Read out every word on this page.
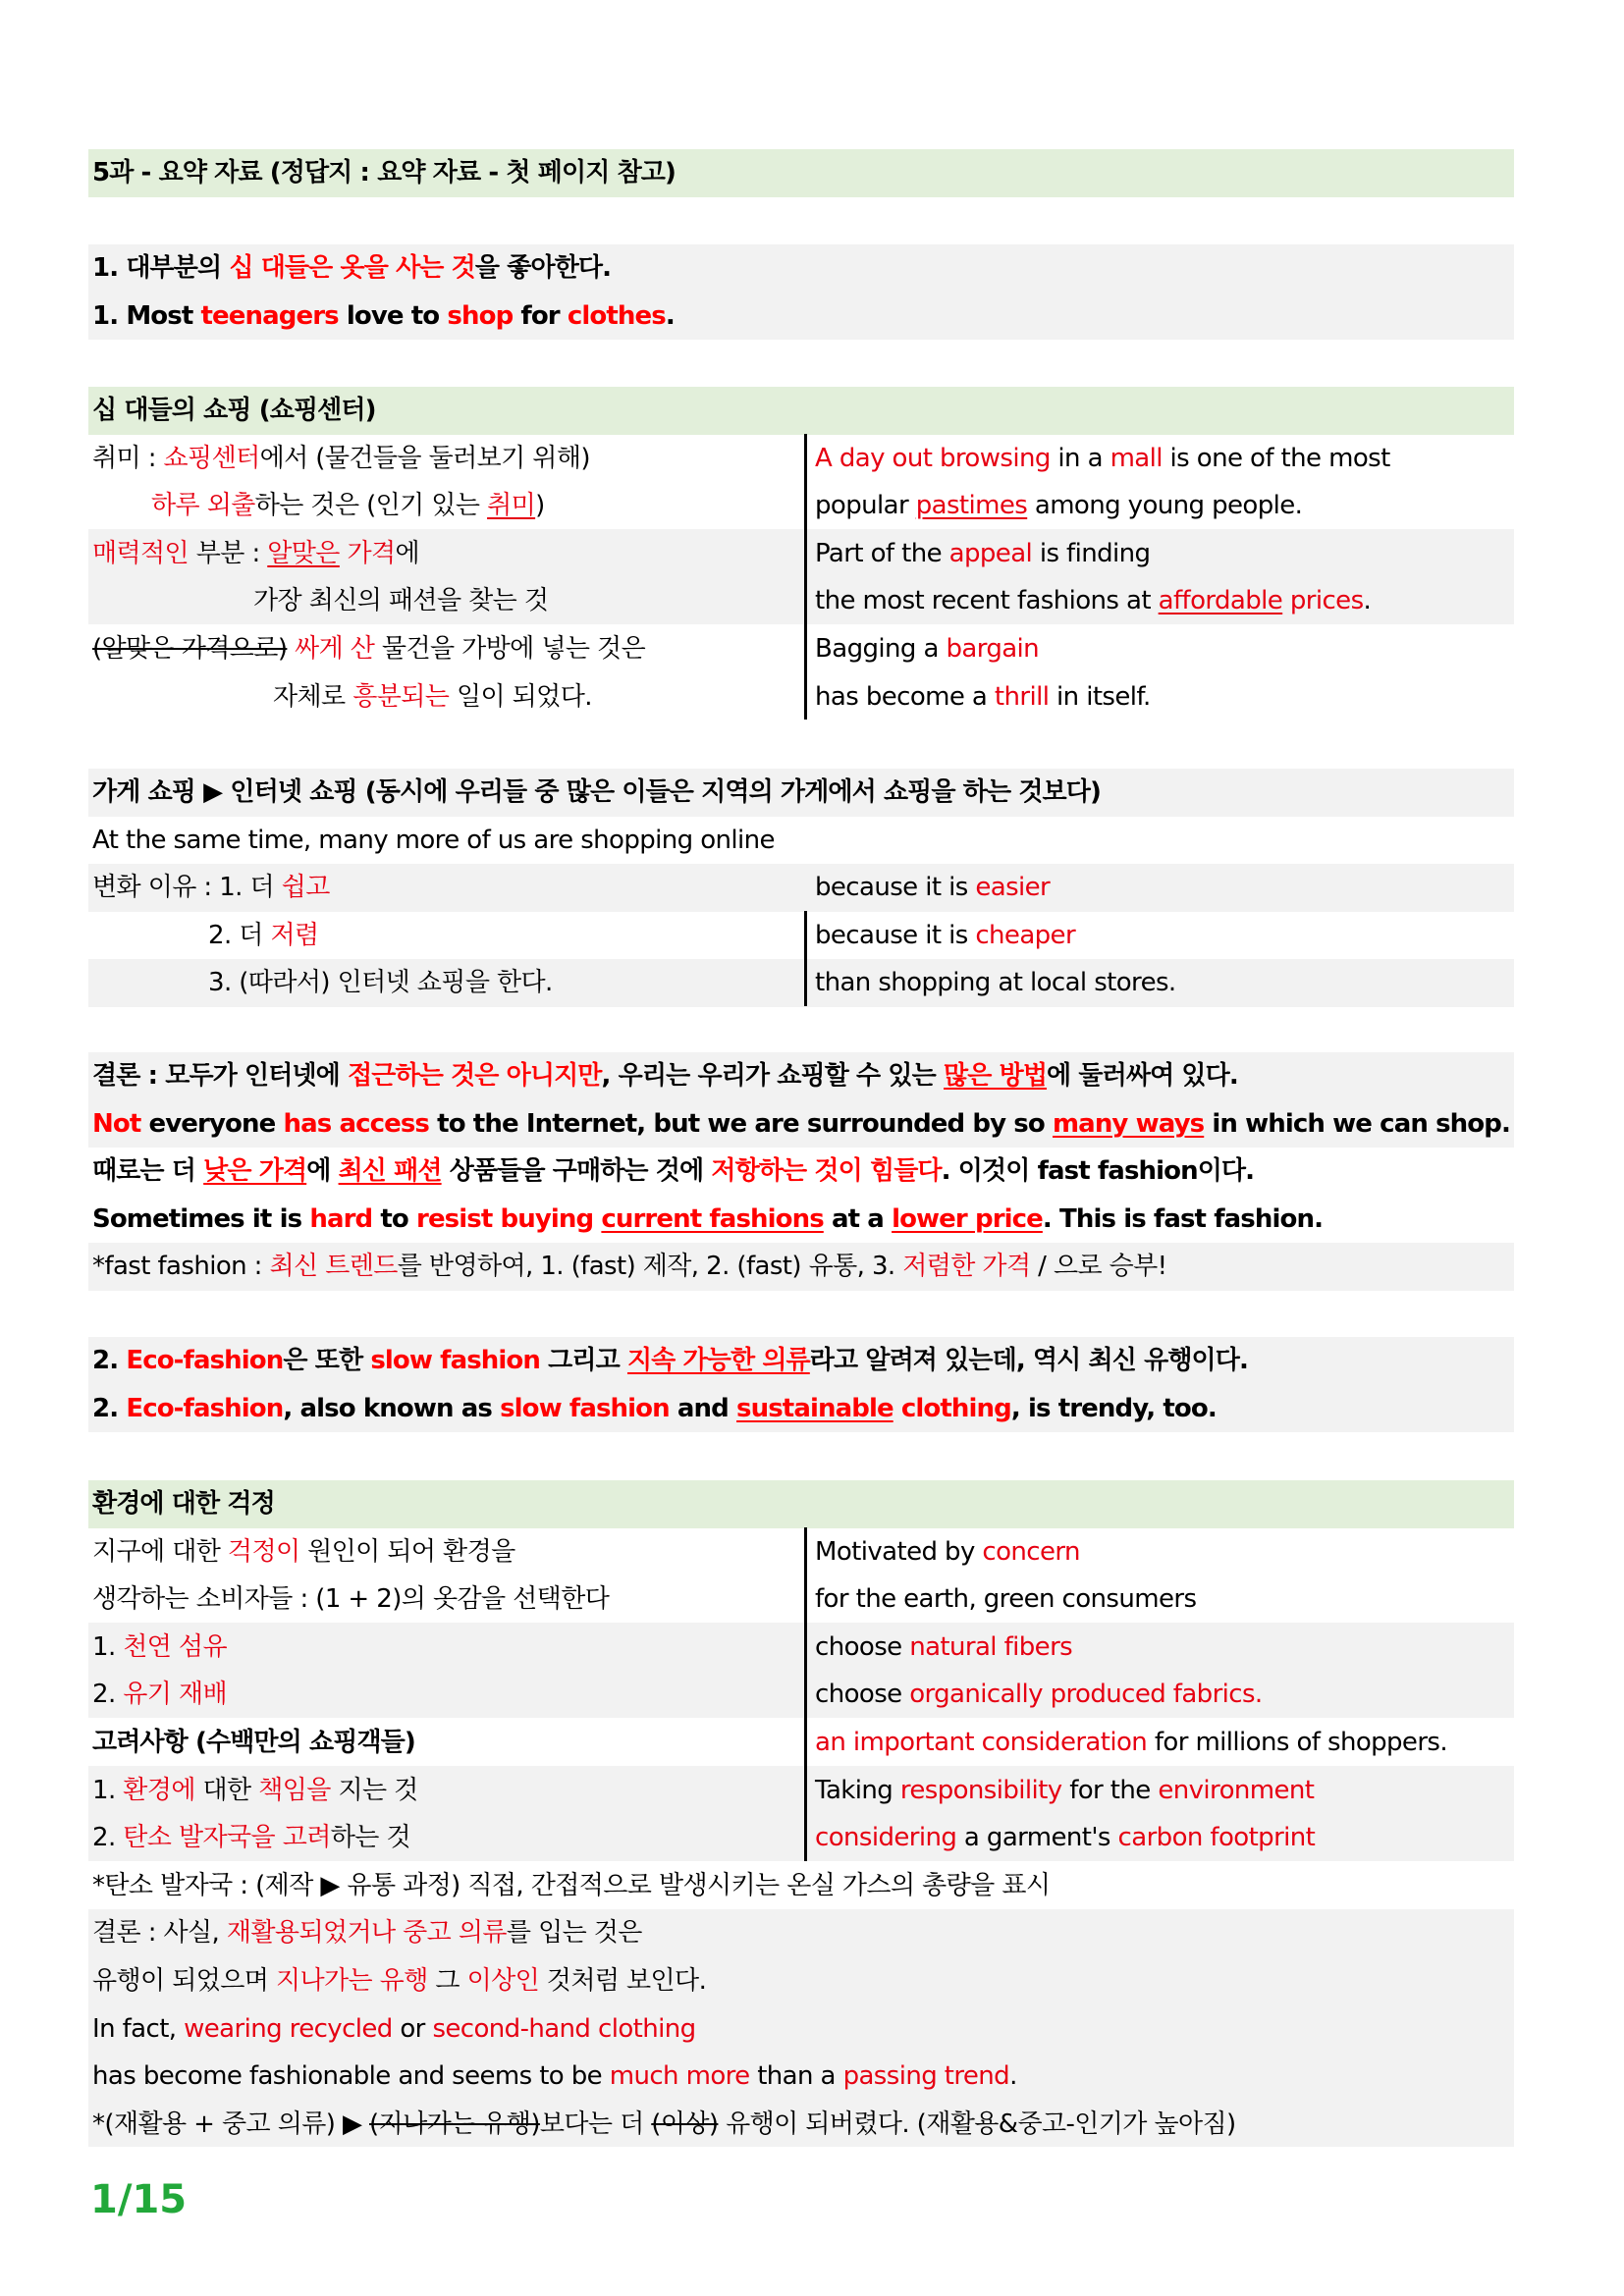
5과 - 요약 자료 (정답지 : 요약 자료 - 첫 페이지 참고)
1. 대부분의 십 대들은 옷을 사는 것을 좋아한다.
1. Most teenagers love to shop for clothes.
십 대들의 쇼핑 (쇼핑센터)
취미 : 쇼핑센터에서 (물건들을 둘러보기 위해)	A day out browsing in a mall is one of the most
하루 외출하는 것은 (인기 있는 취미)	popular pastimes among young people.
매력적인 부분 : 알맞은 가격에	Part of the appeal is finding
가장 최신의 패션을 찾는 것	the most recent fashions at affordable prices.
(알맞은 가격으로) 싸게 산 물건을 가방에 넣는 것은	Bagging a bargain
자체로 흥분되는 일이 되었다.	has become a thrill in itself.
가게 쇼핑 ▶ 인터넷 쇼핑 (동시에 우리들 중 많은 이들은 지역의 가게에서 쇼핑을 하는 것보다)
At the same time, many more of us are shopping online
변화 이유 : 1. 더 쉽고	because it is easier
2. 더 저렴	because it is cheaper
3. (따라서) 인터넷 쇼핑을 한다.	than shopping at local stores.
결론 : 모두가 인터넷에 접근하는 것은 아니지만, 우리는 우리가 쇼핑할 수 있는 많은 방법에 둘러싸여 있다.
Not everyone has access to the Internet, but we are surrounded by so many ways in which we can shop.
때로는 더 낮은 가격에 최신 패션 상품들을 구매하는 것에 저항하는 것이 힘들다. 이것이 fast fashion이다.
Sometimes it is hard to resist buying current fashions at a lower price. This is fast fashion.
*fast fashion : 최신 트렌드를 반영하여, 1. (fast) 제작, 2. (fast) 유통, 3. 저렴한 가격 / 으로 승부!
2. Eco-fashion은 또한 slow fashion 그리고 지속 가능한 의류라고 알려져 있는데, 역시 최신 유행이다.
2. Eco-fashion, also known as slow fashion and sustainable clothing, is trendy, too.
환경에 대한 걱정
지구에 대한 걱정이 원인이 되어 환경을	Motivated by concern
생각하는 소비자들 : (1 + 2)의 옷감을 선택한다	for the earth, green consumers
1. 천연 섬유	choose natural fibers
2. 유기 재배	choose organically produced fabrics.
고려사항 (수백만의 쇼핑객들)	an important consideration for millions of shoppers.
1. 환경에 대한 책임을 지는 것	Taking responsibility for the environment
2. 탄소 발자국을 고려하는 것	considering a garment's carbon footprint
*탄소 발자국 : (제작 ▶ 유통 과정) 직접, 간접적으로 발생시키는 온실 가스의 총량을 표시
결론 : 사실, 재활용되었거나 중고 의류를 입는 것은
유행이 되었으며 지나가는 유행 그 이상인 것처럼 보인다.
In fact, wearing recycled or second-hand clothing
has become fashionable and seems to be much more than a passing trend.
*(재활용 + 중고 의류) ▶ (지나가는 유행)보다는 더 (이상) 유행이 되버렸다. (재활용&중고-인기가 높아짐)
1/15
